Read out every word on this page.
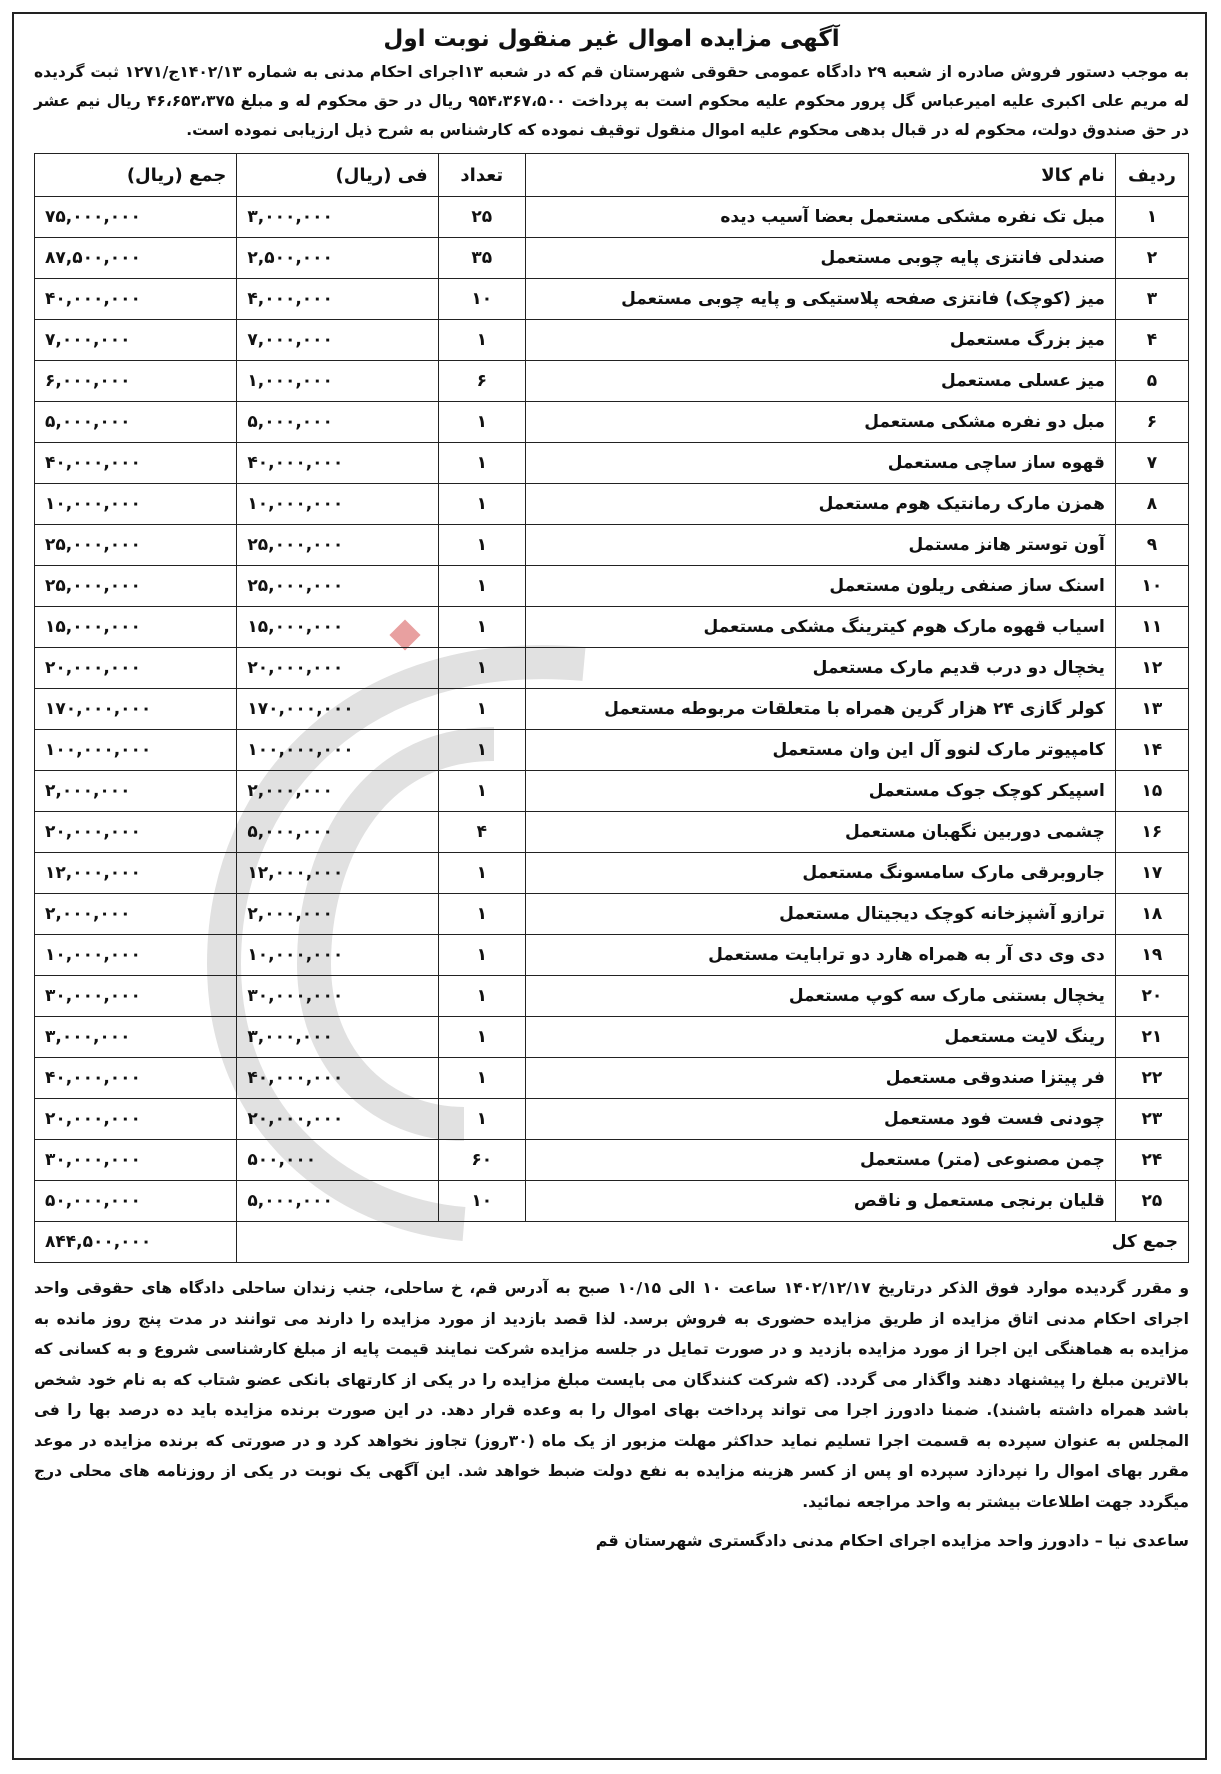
آگهی مزایده اموال غیر منقول نوبت اول

به موجب دستور فروش صادره از شعبه ۲۹ دادگاه عمومی حقوقی شهرستان قم که در شعبه ۱۳اجرای احکام مدنی به شماره ۱۴۰۲/۱۳ج/۱۲۷۱ ثبت گردیده له مریم علی اکبری علیه امیرعباس گل پرور محکوم علیه محکوم است به پرداخت ۹۵۴،۳۶۷،۵۰۰ ریال در حق محکوم له و مبلغ ۴۶،۶۵۳،۳۷۵ ریال نیم عشر در حق صندوق دولت، محکوم له در قبال بدهی محکوم علیه اموال منقول توقیف نموده که کارشناس به شرح ذیل ارزیابی نموده است.

ردیف	نام کالا	تعداد	فی (ریال)	جمع (ریال)
۱	مبل تک نفره مشکی مستعمل بعضا آسیب دیده	۲۵	۳,۰۰۰,۰۰۰	۷۵,۰۰۰,۰۰۰
۲	صندلی فانتزی پایه چوبی مستعمل	۳۵	۲,۵۰۰,۰۰۰	۸۷,۵۰۰,۰۰۰
۳	میز (کوچک) فانتزی صفحه پلاستیکی و پایه چوبی مستعمل	۱۰	۴,۰۰۰,۰۰۰	۴۰,۰۰۰,۰۰۰
۴	میز بزرگ مستعمل	۱	۷,۰۰۰,۰۰۰	۷,۰۰۰,۰۰۰
۵	میز عسلی مستعمل	۶	۱,۰۰۰,۰۰۰	۶,۰۰۰,۰۰۰
۶	مبل دو نفره مشکی مستعمل	۱	۵,۰۰۰,۰۰۰	۵,۰۰۰,۰۰۰
۷	قهوه ساز ساچی مستعمل	۱	۴۰,۰۰۰,۰۰۰	۴۰,۰۰۰,۰۰۰
۸	همزن مارک رمانتیک هوم مستعمل	۱	۱۰,۰۰۰,۰۰۰	۱۰,۰۰۰,۰۰۰
۹	آون توستر هانز مستمل	۱	۲۵,۰۰۰,۰۰۰	۲۵,۰۰۰,۰۰۰
۱۰	اسنک ساز صنفی ریلون مستعمل	۱	۲۵,۰۰۰,۰۰۰	۲۵,۰۰۰,۰۰۰
۱۱	اسیاب قهوه مارک هوم کیترینگ مشکی مستعمل	۱	۱۵,۰۰۰,۰۰۰	۱۵,۰۰۰,۰۰۰
۱۲	یخچال دو درب قدیم مارک مستعمل	۱	۲۰,۰۰۰,۰۰۰	۲۰,۰۰۰,۰۰۰
۱۳	کولر گازی ۲۴ هزار گرین همراه با متعلقات مربوطه مستعمل	۱	۱۷۰,۰۰۰,۰۰۰	۱۷۰,۰۰۰,۰۰۰
۱۴	کامپیوتر مارک لنوو آل این وان مستعمل	۱	۱۰۰,۰۰۰,۰۰۰	۱۰۰,۰۰۰,۰۰۰
۱۵	اسپیکر کوچک جوک مستعمل	۱	۲,۰۰۰,۰۰۰	۲,۰۰۰,۰۰۰
۱۶	چشمی دوربین نگهبان مستعمل	۴	۵,۰۰۰,۰۰۰	۲۰,۰۰۰,۰۰۰
۱۷	جاروبرقی مارک سامسونگ مستعمل	۱	۱۲,۰۰۰,۰۰۰	۱۲,۰۰۰,۰۰۰
۱۸	ترازو آشپزخانه کوچک دیجیتال مستعمل	۱	۲,۰۰۰,۰۰۰	۲,۰۰۰,۰۰۰
۱۹	دی وی دی آر به همراه هارد دو ترابایت مستعمل	۱	۱۰,۰۰۰,۰۰۰	۱۰,۰۰۰,۰۰۰
۲۰	یخچال بستنی مارک سه کوپ مستعمل	۱	۳۰,۰۰۰,۰۰۰	۳۰,۰۰۰,۰۰۰
۲۱	رینگ لایت مستعمل	۱	۳,۰۰۰,۰۰۰	۳,۰۰۰,۰۰۰
۲۲	فر پیتزا صندوقی مستعمل	۱	۴۰,۰۰۰,۰۰۰	۴۰,۰۰۰,۰۰۰
۲۳	چودنی فست فود مستعمل	۱	۲۰,۰۰۰,۰۰۰	۲۰,۰۰۰,۰۰۰
۲۴	چمن مصنوعی (متر) مستعمل	۶۰	۵۰۰,۰۰۰	۳۰,۰۰۰,۰۰۰
۲۵	قلیان برنجی مستعمل و ناقص	۱۰	۵,۰۰۰,۰۰۰	۵۰,۰۰۰,۰۰۰
جمع کل				۸۴۴,۵۰۰,۰۰۰
و مقرر گردیده موارد فوق الذکر درتاریخ ۱۴۰۲/۱۲/۱۷ ساعت ۱۰ الی ۱۰/۱۵ صبح به آدرس قم، خ ساحلی، جنب زندان ساحلی دادگاه های حقوقی واحد اجرای احکام مدنی اتاق مزایده از طریق مزایده حضوری به فروش برسد. لذا قصد بازدید از مورد مزایده را دارند می توانند در مدت پنج روز مانده به مزایده به هماهنگی این اجرا از مورد مزایده بازدید و در صورت تمایل در جلسه مزایده شرکت نمایند قیمت پایه از مبلغ کارشناسی شروع و به کسانی که بالاترین مبلغ را پیشنهاد دهند واگذار می گردد. (که شرکت کنندگان می بایست مبلغ مزایده را در یکی از کارتهای بانکی عضو شتاب که به نام خود شخص باشد همراه داشته باشند). ضمنا دادورز اجرا می تواند پرداخت بهای اموال را به وعده قرار دهد. در این صورت برنده مزایده باید ده درصد بها را فی المجلس به عنوان سپرده به قسمت اجرا تسلیم نماید حداکثر مهلت مزبور از یک ماه (۳۰روز) تجاوز نخواهد کرد و در صورتی که برنده مزایده در موعد مقرر بهای اموال را نپردازد سپرده او پس از کسر هزینه مزایده به نفع دولت ضبط خواهد شد. این آگهی یک نوبت در یکی از روزنامه های محلی درج میگردد جهت اطلاعات بیشتر به واحد مراجعه نمائید.
ساعدی نیا – دادورز واحد مزایده اجرای احکام مدنی دادگستری شهرستان قم
